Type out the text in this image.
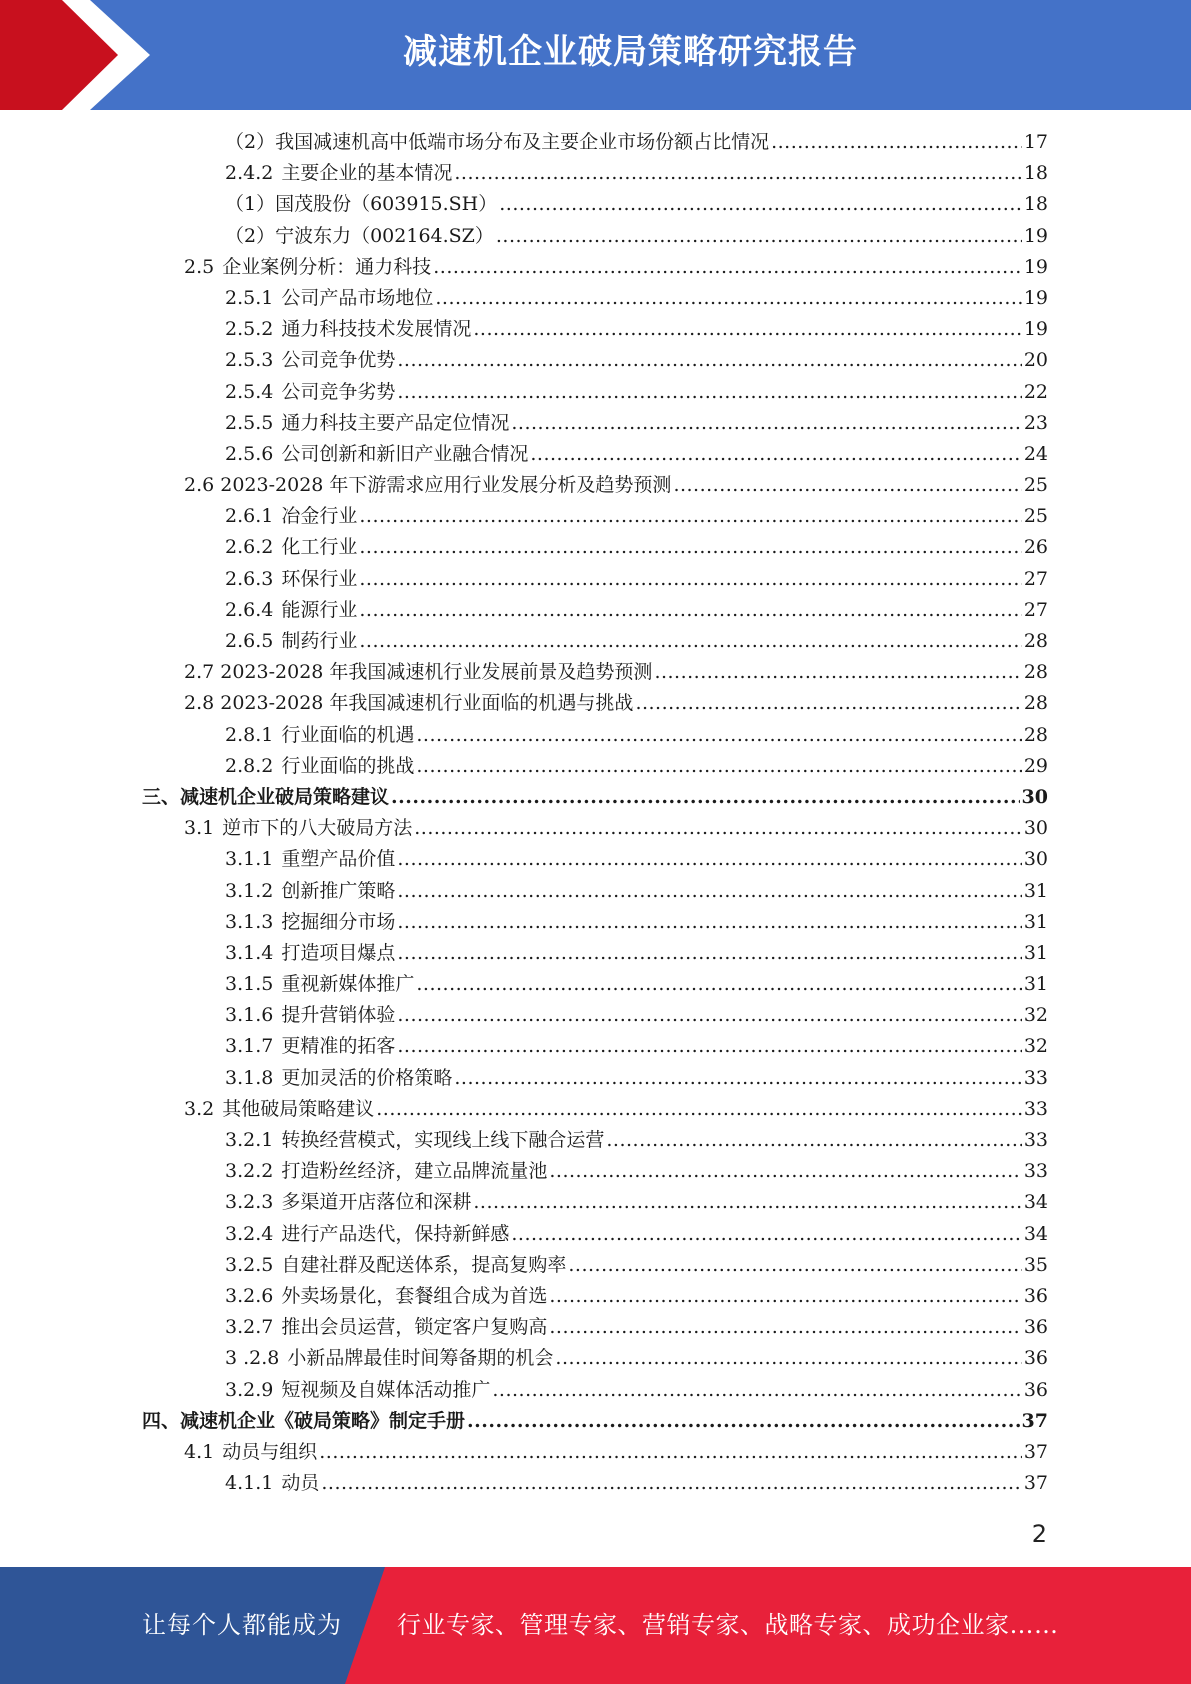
减速机企业破局策略研究报告
（2）我国减速机高中低端市场分布及主要企业市场份额占比情况 .....	17
2.4.2 主要企业的基本情况 .....	18
（1）国茂股份（603915.SH） .....	18
（2）宁波东力（002164.SZ） .....	19
2.5 企业案例分析：通力科技 .....	19
2.5.1 公司产品市场地位 .....	19
2.5.2 通力科技技术发展情况 .....	19
2.5.3 公司竞争优势 .....	20
2.5.4 公司竞争劣势 .....	22
2.5.5 通力科技主要产品定位情况 .....	23
2.5.6 公司创新和新旧产业融合情况 .....	24
2.6 2023-2028 年下游需求应用行业发展分析及趋势预测 .....	25
2.6.1 冶金行业 .....	25
2.6.2 化工行业 .....	26
2.6.3 环保行业 .....	27
2.6.4 能源行业 .....	27
2.6.5 制药行业 .....	28
2.7 2023-2028 年我国减速机行业发展前景及趋势预测 .....	28
2.8 2023-2028 年我国减速机行业面临的机遇与挑战 .....	28
2.8.1 行业面临的机遇 .....	28
2.8.2 行业面临的挑战 .....	29
三、减速机企业破局策略建议 .....	30
3.1 逆市下的八大破局方法 .....	30
3.1.1 重塑产品价值 .....	30
3.1.2 创新推广策略 .....	31
3.1.3 挖掘细分市场 .....	31
3.1.4 打造项目爆点 .....	31
3.1.5 重视新媒体推广 .....	31
3.1.6 提升营销体验 .....	32
3.1.7 更精准的拓客 .....	32
3.1.8 更加灵活的价格策略 .....	33
3.2 其他破局策略建议 .....	33
3.2.1 转换经营模式，实现线上线下融合运营 .....	33
3.2.2 打造粉丝经济，建立品牌流量池 .....	33
3.2.3 多渠道开店落位和深耕 .....	34
3.2.4 进行产品迭代，保持新鲜感 .....	34
3.2.5 自建社群及配送体系，提高复购率 .....	35
3.2.6 外卖场景化，套餐组合成为首选 .....	36
3.2.7 推出会员运营，锁定客户复购高 .....	36
3 .2.8 小新品牌最佳时间筹备期的机会 .....	36
3.2.9 短视频及自媒体活动推广 .....	36
四、减速机企业《破局策略》制定手册 .....	37
4.1 动员与组织 .....	37
4.1.1 动员 .....	37
2
让每个人都能成为 行业专家、管理专家、营销专家、战略专家、成功企业家……
